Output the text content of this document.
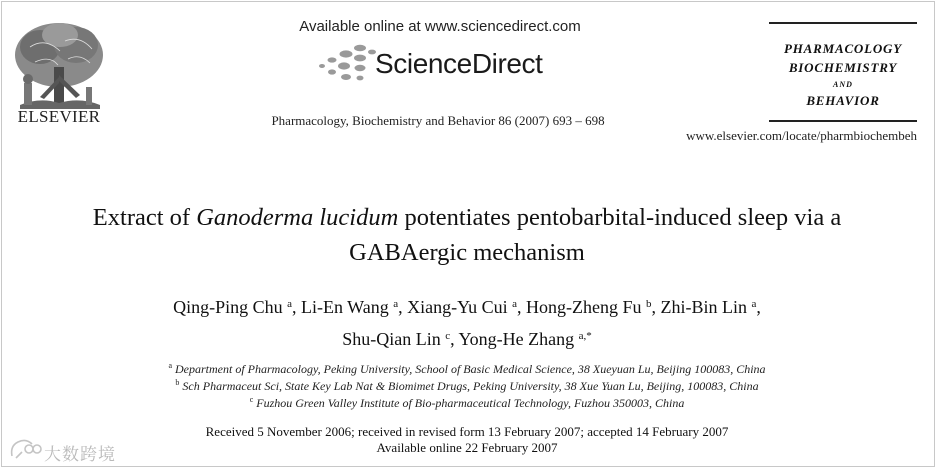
ELSEVIER
Available online at www.sciencedirect.com
ScienceDirect
Pharmacology, Biochemistry and Behavior 86 (2007) 693 – 698
PHARMACOLOGY
BIOCHEMISTRY
AND
BEHAVIOR
www.elsevier.com/locate/pharmbiochembeh
Extract of Ganoderma lucidum potentiates pentobarbital-induced sleep via a
GABAergic mechanism
Qing-Ping Chu $^a$, Li-En Wang $^a$, Xiang-Yu Cui $^a$, Hong-Zheng Fu $^b$, Zhi-Bin Lin $^a$,
Shu-Qian Lin $^c$, Yong-He Zhang $^{a,*}$
$^a$ Department of Pharmacology, Peking University, School of Basic Medical Science, 38 Xueyuan Lu, Beijing 100083, China
$^b$ Sch Pharmaceut Sci, State Key Lab Nat & Biomimet Drugs, Peking University, 38 Xue Yuan Lu, Beijing, 100083, China
$^c$ Fuzhou Green Valley Institute of Bio-pharmaceutical Technology, Fuzhou 350003, China
Received 5 November 2006; received in revised form 13 February 2007; accepted 14 February 2007
Available online 22 February 2007
大数跨境
